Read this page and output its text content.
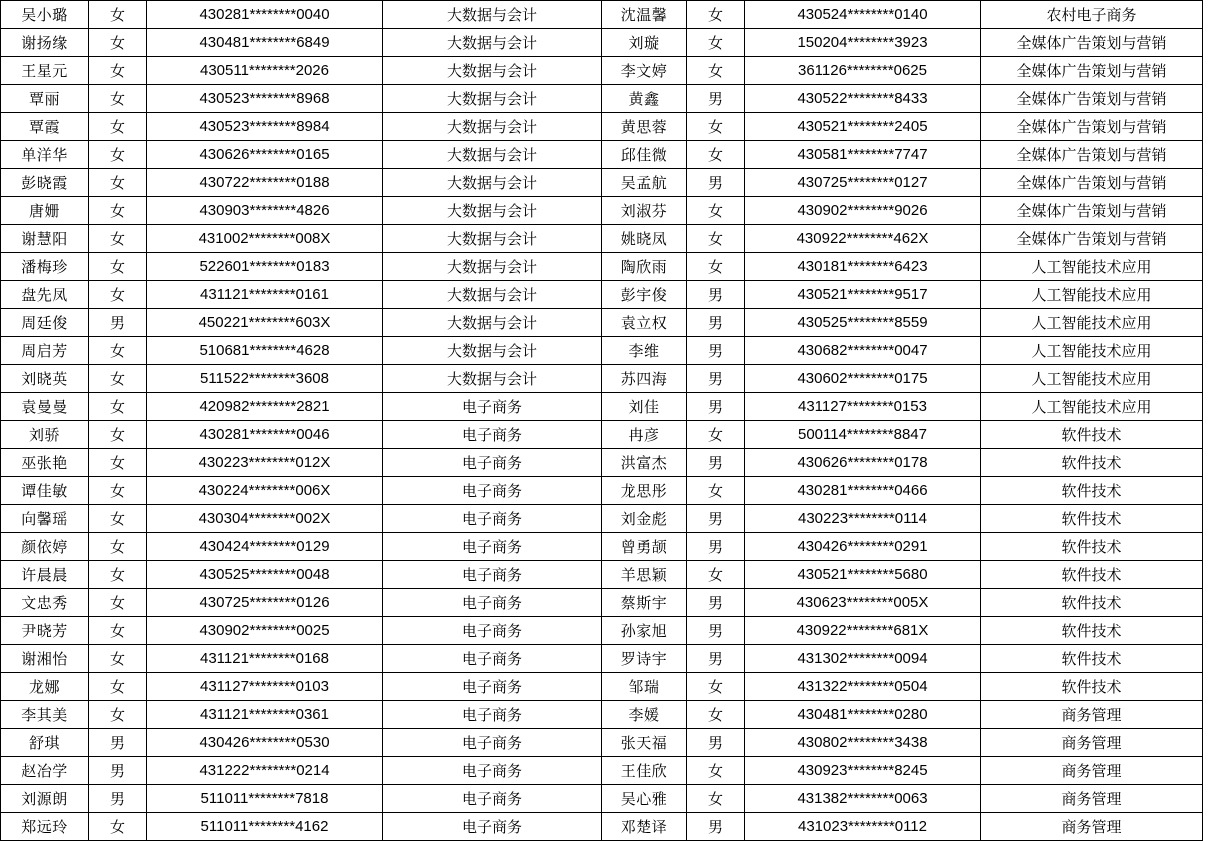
吴小璐	女	430281********0040	大数据与会计	沈温馨	女	430524********0140	农村电子商务
谢扬缘	女	430481********6849	大数据与会计	刘璇	女	150204********3923	全媒体广告策划与营销
王星元	女	430511********2026	大数据与会计	李文婷	女	361126********0625	全媒体广告策划与营销
覃丽	女	430523********8968	大数据与会计	黄鑫	男	430522********8433	全媒体广告策划与营销
覃霞	女	430523********8984	大数据与会计	黄思蓉	女	430521********2405	全媒体广告策划与营销
单洋华	女	430626********0165	大数据与会计	邱佳微	女	430581********7747	全媒体广告策划与营销
彭晓霞	女	430722********0188	大数据与会计	吴孟航	男	430725********0127	全媒体广告策划与营销
唐姗	女	430903********4826	大数据与会计	刘淑芬	女	430902********9026	全媒体广告策划与营销
谢慧阳	女	431002********008X	大数据与会计	姚晓凤	女	430922********462X	全媒体广告策划与营销
潘梅珍	女	522601********0183	大数据与会计	陶欣雨	女	430181********6423	人工智能技术应用
盘先凤	女	431121********0161	大数据与会计	彭宇俊	男	430521********9517	人工智能技术应用
周廷俊	男	450221********603X	大数据与会计	袁立权	男	430525********8559	人工智能技术应用
周启芳	女	510681********4628	大数据与会计	李维	男	430682********0047	人工智能技术应用
刘晓英	女	511522********3608	大数据与会计	苏四海	男	430602********0175	人工智能技术应用
袁曼曼	女	420982********2821	电子商务	刘佳	男	431127********0153	人工智能技术应用
刘骄	女	430281********0046	电子商务	冉彦	女	500114********8847	软件技术
巫张艳	女	430223********012X	电子商务	洪富杰	男	430626********0178	软件技术
谭佳敏	女	430224********006X	电子商务	龙思彤	女	430281********0466	软件技术
向馨瑶	女	430304********002X	电子商务	刘金彪	男	430223********0114	软件技术
颜依婷	女	430424********0129	电子商务	曾勇颉	男	430426********0291	软件技术
许晨晨	女	430525********0048	电子商务	羊思颖	女	430521********5680	软件技术
文忠秀	女	430725********0126	电子商务	蔡斯宇	男	430623********005X	软件技术
尹晓芳	女	430902********0025	电子商务	孙家旭	男	430922********681X	软件技术
谢湘怡	女	431121********0168	电子商务	罗诗宇	男	431302********0094	软件技术
龙娜	女	431127********0103	电子商务	邹瑞	女	431322********0504	软件技术
李其美	女	431121********0361	电子商务	李媛	女	430481********0280	商务管理
舒琪	男	430426********0530	电子商务	张天福	男	430802********3438	商务管理
赵冶学	男	431222********0214	电子商务	王佳欣	女	430923********8245	商务管理
刘源朗	男	511011********7818	电子商务	吴心雅	女	431382********0063	商务管理
郑远玲	女	511011********4162	电子商务	邓楚译	男	431023********0112	商务管理
